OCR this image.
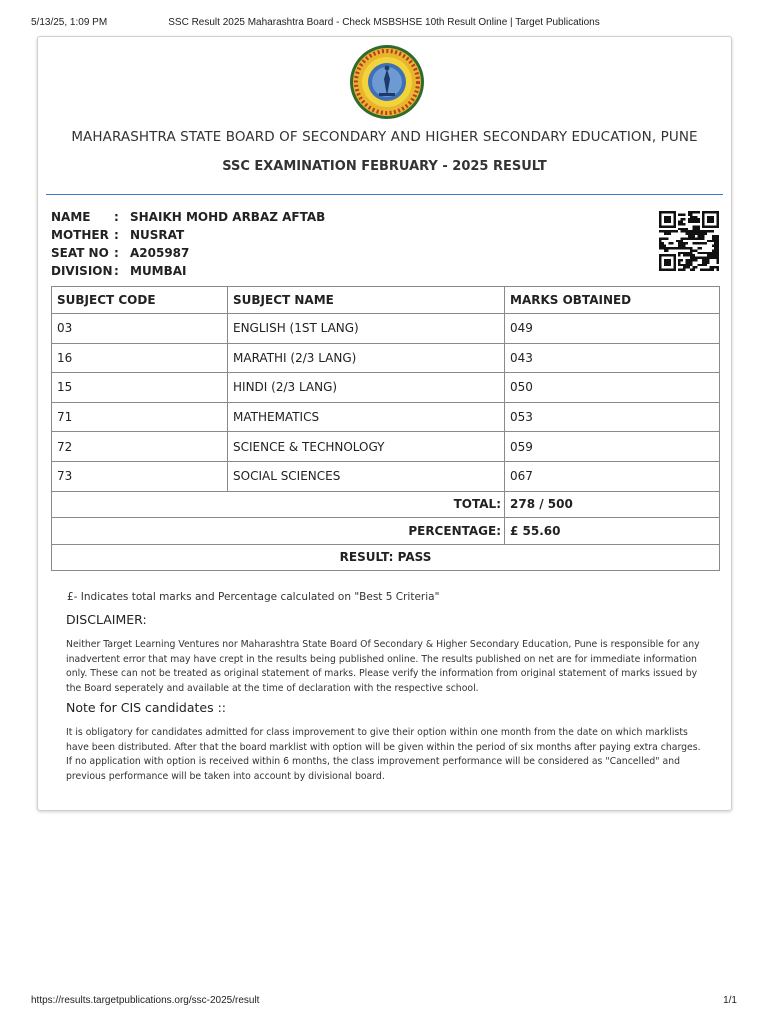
SSC Result 2025 Maharashtra Board - Check MSBSHSE 10th Result Online | Target Publications
5/13/25, 1:09 PM
MAHARASHTRA STATE BOARD OF SECONDARY AND HIGHER SECONDARY EDUCATION, PUNE
SSC EXAMINATION FEBRUARY - 2025 RESULT
NAME : SHAIKH MOHD ARBAZ AFTAB
MOTHER : NUSRAT
SEAT NO : A205987
DIVISION : MUMBAI
SUBJECT CODE	SUBJECT NAME	MARKS OBTAINED
03	ENGLISH (1ST LANG)	049
16	MARATHI (2/3 LANG)	043
15	HINDI (2/3 LANG)	050
71	MATHEMATICS	053
72	SCIENCE & TECHNOLOGY	059
73	SOCIAL SCIENCES	067
TOTAL:		278 / 500
PERCENTAGE:		£ 55.60
RESULT: PASS		
£- Indicates total marks and Percentage calculated on "Best 5 Criteria"
DISCLAIMER:
Neither Target Learning Ventures nor Maharashtra State Board Of Secondary & Higher Secondary Education, Pune is responsible for any inadvertent error that may have crept in the results being published online. The results published on net are for immediate information only. These can not be treated as original statement of marks. Please verify the information from original statement of marks issued by the Board seperately and available at the time of declaration with the respective school.
Note for CIS candidates ::
It is obligatory for candidates admitted for class improvement to give their option within one month from the date on which marklists have been distributed. After that the board marklist with option will be given within the period of six months after paying extra charges. If no application with option is received within 6 months, the class improvement performance will be considered as "Cancelled" and previous performance will be taken into account by divisional board.
https://results.targetpublications.org/ssc-2025/result	1/1
